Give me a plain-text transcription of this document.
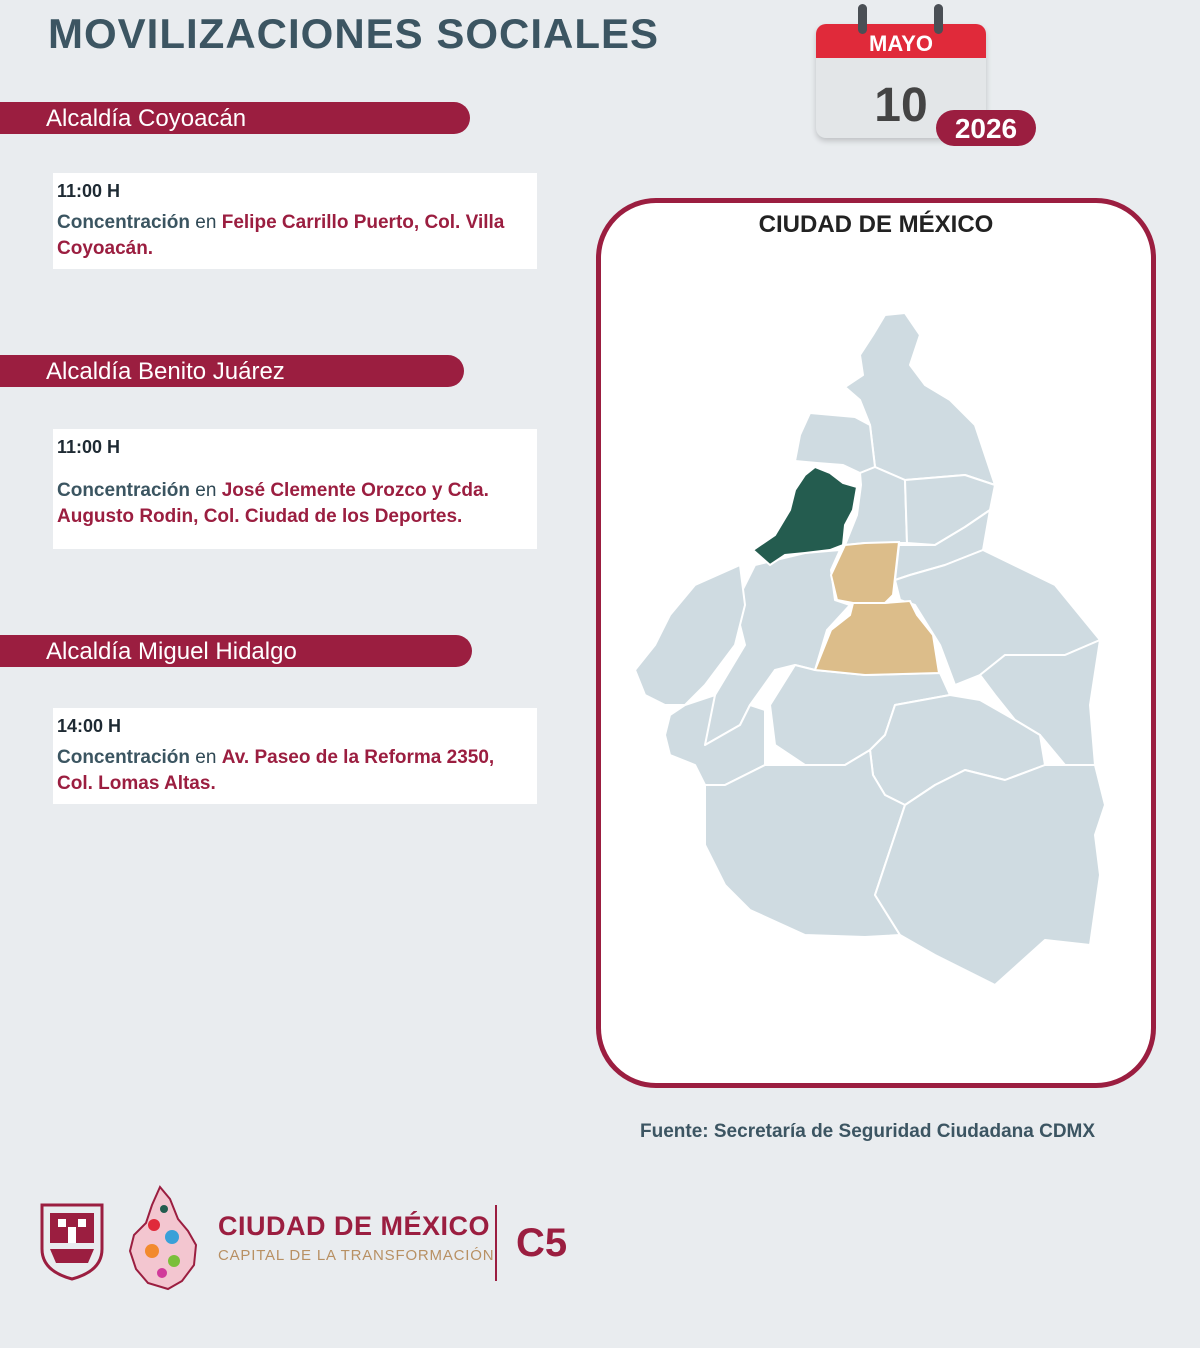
MOVILIZACIONES SOCIALES	MAYO
10 2026
Alcaldía Coyoacán
11:00 H
Concentración en Felipe Carrillo Puerto, Col. Villa Coyoacán.
Alcaldía Benito Juárez
11:00 H
Concentración en José Clemente Orozco y Cda. Augusto Rodin, Col. Ciudad de los Deportes.
Alcaldía Miguel Hidalgo
14:00 H
Concentración en Av. Paseo de la Reforma 2350, Col. Lomas Altas.
CIUDAD DE MÉXICO
Fuente: Secretaría de Seguridad Ciudadana CDMX
CIUDAD DE MÉXICO
CAPITAL DE LA TRANSFORMACIÓN C5
